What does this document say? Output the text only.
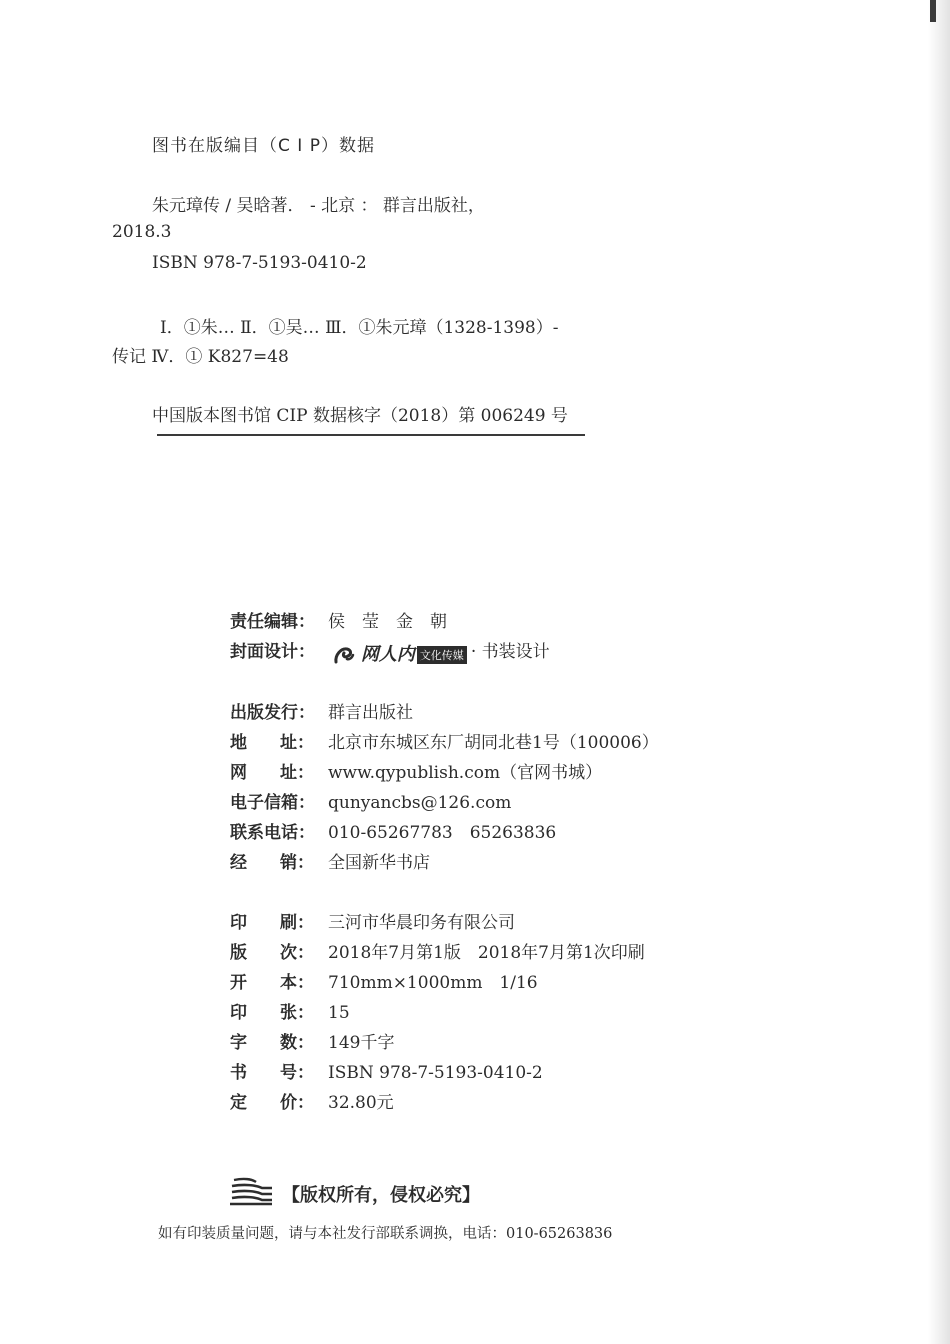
图书在版编目（C I P）数据
朱元璋传 / 吴晗著． - 北京 ： 群言出版社，
2018.3
ISBN 978-7-5193-0410-2
Ⅰ．①朱… Ⅱ．①吴… Ⅲ．①朱元璋（1328-1398）-
传记 Ⅳ．① K827=48
中国版本图书馆 CIP 数据核字（2018）第 006249 号
责任编辑： 侯　莹　金　朝
封面设计：	网人内 文化传媒 · 书装设计
出版发行： 群言出版社
地 址： 北京市东城区东厂胡同北巷1号（100006）
网 址： www.qypublish.com（官网书城）
电子信箱： qunyancbs@126.com
联系电话： 010-65267783　65263836
经 销： 全国新华书店
印 刷： 三河市华晨印务有限公司
版 次： 2018年7月第1版　2018年7月第1次印刷
开 本： 710mm×1000mm　1/16
印 张： 15
字 数： 149千字
书 号： ISBN 978-7-5193-0410-2
定 价： 32.80元
【版权所有，侵权必究】
如有印装质量问题，请与本社发行部联系调换，电话：010-65263836
